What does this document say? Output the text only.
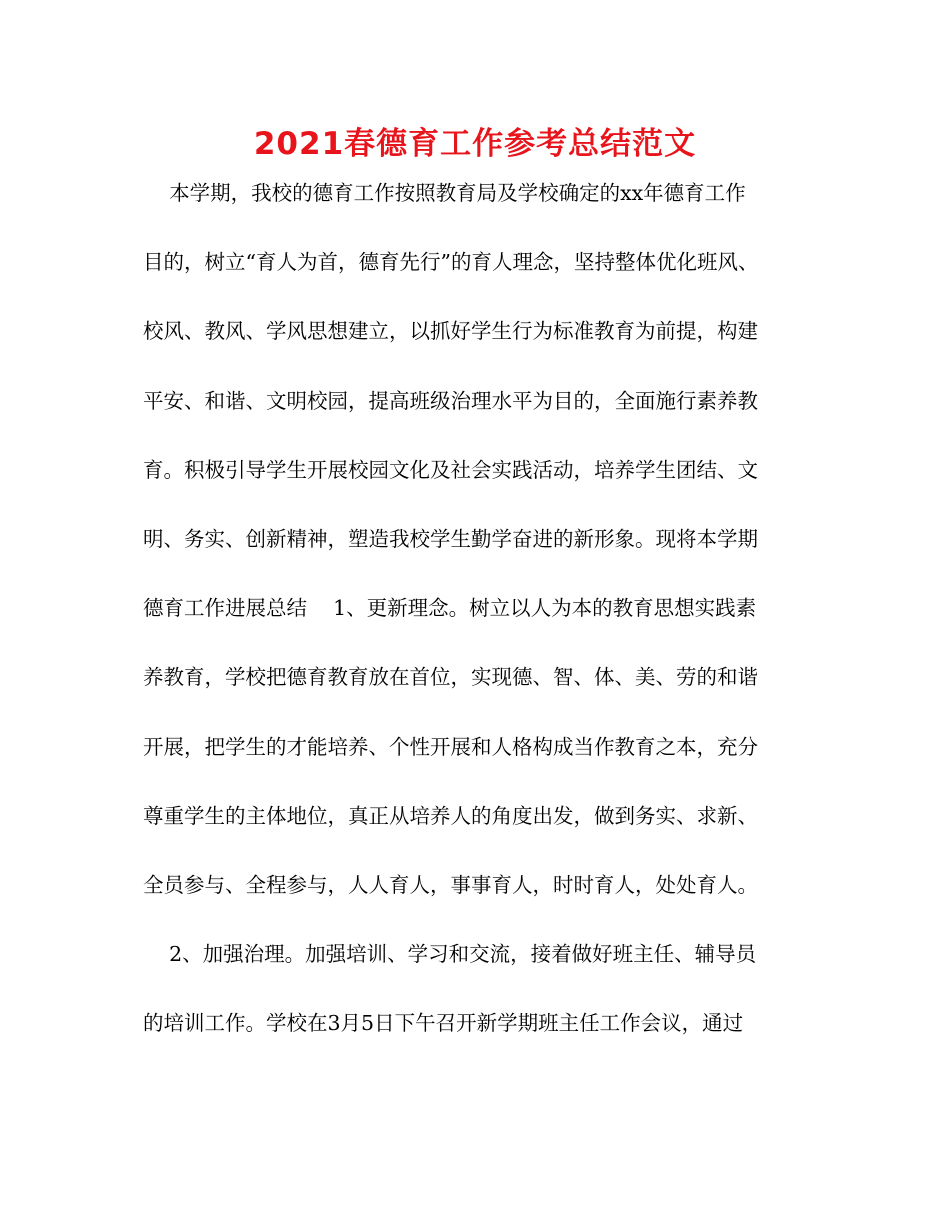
2021春德育工作参考总结范文
本学期，我校的德育工作按照教育局及学校确定的xx年德育工作
目的，树立“育人为首，德育先行”的育人理念，坚持整体优化班风、
校风、教风、学风思想建立，以抓好学生行为标准教育为前提，构建
平安、和谐、文明校园，提高班级治理水平为目的，全面施行素养教
育。积极引导学生开展校园文化及社会实践活动，培养学生团结、文
明、务实、创新精神，塑造我校学生勤学奋进的新形象。现将本学期
德育工作进展总结    1、更新理念。树立以人为本的教育思想实践素
养教育，学校把德育教育放在首位，实现德、智、体、美、劳的和谐
开展，把学生的才能培养、个性开展和人格构成当作教育之本，充分
尊重学生的主体地位，真正从培养人的角度出发，做到务实、求新、
全员参与、全程参与，人人育人，事事育人，时时育人，处处育人。
2、加强治理。加强培训、学习和交流，接着做好班主任、辅导员
的培训工作。学校在3月5日下午召开新学期班主任工作会议，通过
